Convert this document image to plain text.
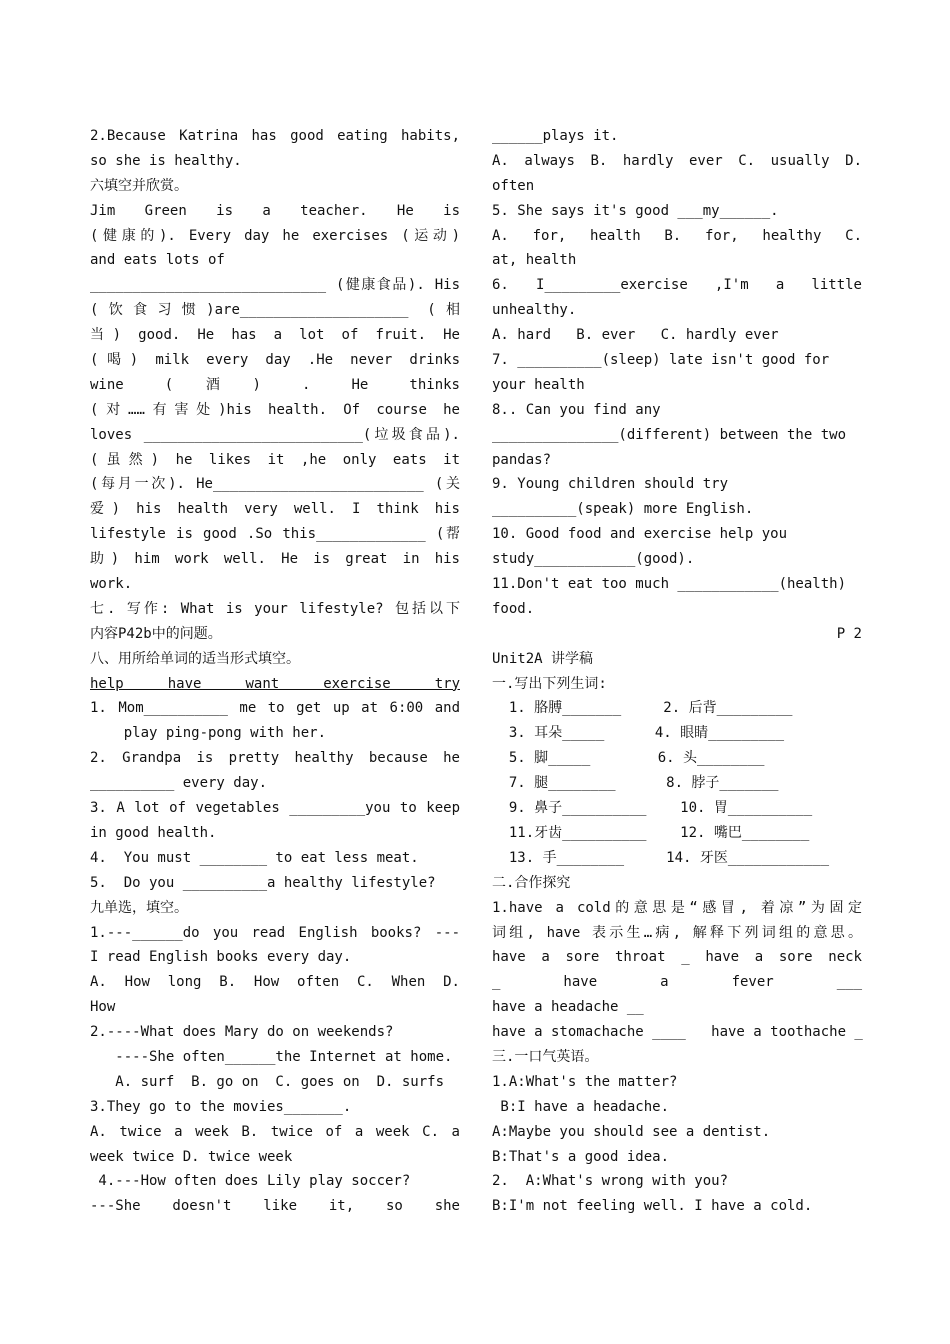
2.Because Katrina has good eating habits,
so she is healthy.
六填空并欣赏。
Jim Green is a teacher. He is
(健康的). Every day he exercises (运动)
and eats lots of
____________________________ (健康食品). His
(饮食习惯)are____________________ (相
当) good. He has a lot of fruit. He
(喝) milk every day .He never drinks
wine (酒) . He thinks
(对……有害处)his health. Of course he
loves __________________________(垃圾食品).
(虽然) he likes it ,he only eats it
(每月一次). He_________________________ (关
爱) his health very well. I think his
lifestyle is good .So this_____________ (帮
助) him work well. He is great in his
work.
七. 写作: What is your lifestyle? 包括以下
内容P42b中的问题。
八、用所给单词的适当形式填空。
help have want exercise try
1. Mom__________ me to get up at 6:00 and
play ping-pong with her.
2. Grandpa is pretty healthy because he
__________ every day.
3. A lot of vegetables _________you to keep
in good health.
4.  You must ________ to eat less meat.
5.  Do you __________a healthy lifestyle?
九单选，填空。
1.---______do you read English books? ---
I read English books every day.
A. How long B. How often C. When D.
How
2.----What does Mary do on weekends?
----She often______the Internet at home.
A. surf  B. go on  C. goes on  D. surfs
3.They go to the movies_______.
A. twice a week B. twice of a week C. a
week twice D. twice week
4.---How often does Lily play soccer?
---She doesn't like it, so she
______plays it.
A. always B. hardly ever C. usually D.
often
5. She says it's good ___my______.
A. for, health B. for, healthy C.
at, health
6. I_________exercise ,I'm a little
unhealthy.
A. hard   B. ever   C. hardly ever
7. __________(sleep) late isn't good for
your health
8.. Can you find any
_______________(different) between the two
pandas?
9. Young children should try
__________(speak) more English.
10. Good food and exercise help you
study____________(good).
11.Don't eat too much ____________(health)
food.
P 2
Unit2A 讲学稿
一.写出下列生词:
1. 胳膊_______     2. 后背_________
3. 耳朵_____      4. 眼睛_________
5. 脚_____        6. 头________
7. 腿________      8. 脖子_______
9. 鼻子__________    10. 胃__________
11.牙齿__________    12. 嘴巴________
13. 手________     14. 牙医____________
二.合作探究
1.have a cold的意思是“感冒, 着凉”为固定
词组, have 表示生…病, 解释下列词组的意思。
have a sore throat _ have a sore neck
_ have a fever ___
have a headache __
have a stomachache ____   have a toothache _
三.一口气英语。
1.A:What's the matter?
B:I have a headache.
A:Maybe you should see a dentist.
B:That's a good idea.
2.  A:What's wrong with you?
B:I'm not feeling well. I have a cold.
